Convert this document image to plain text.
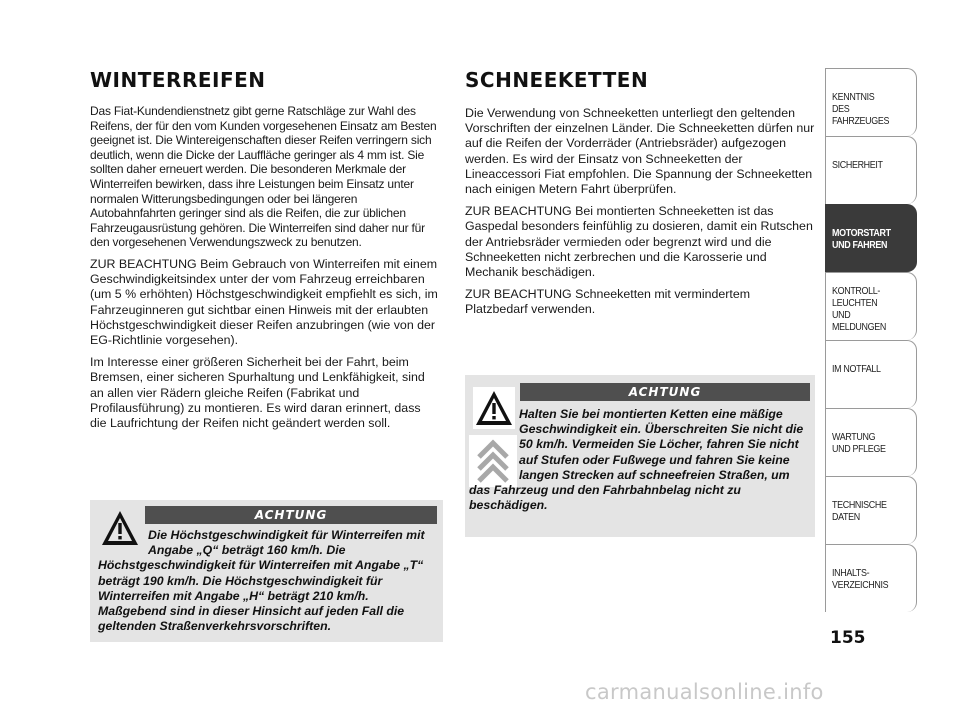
WINTERREIFEN

Das Fiat-Kundendienstnetz gibt gerne Ratschläge zur Wahl des Reifens, der für den vom Kunden vorgesehenen Einsatz am Besten geeignet ist. Die Wintereigenschaften dieser Reifen verringern sich deutlich, wenn die Dicke der Lauffläche geringer als 4 mm ist. Sie sollten daher erneuert werden. Die besonderen Merkmale der Winterreifen bewirken, dass ihre Leistungen beim Einsatz unter normalen Witterungsbedingungen oder bei längeren Autobahnfahrten geringer sind als die Reifen, die zur üblichen Fahrzeugausrüstung gehören. Die Winterreifen sind daher nur für den vorgesehenen Verwendungszweck zu benutzen.

ZUR BEACHTUNG Beim Gebrauch von Winterreifen mit einem Geschwindigkeitsindex unter der vom Fahrzeug erreichbaren (um 5 % erhöhten) Höchstgeschwindigkeit empfiehlt es sich, im Fahrzeuginneren gut sichtbar einen Hinweis mit der erlaubten Höchstgeschwindigkeit dieser Reifen anzubringen (wie von der EG-Richtlinie vorgesehen).

Im Interesse einer größeren Sicherheit bei der Fahrt, beim Bremsen, einer sicheren Spurhaltung und Lenkfähigkeit, sind an allen vier Rädern gleiche Reifen (Fabrikat und Profilausführung) zu montieren. Es wird daran erinnert, dass die Laufrichtung der Reifen nicht geändert werden soll.

ACHTUNG
Die Höchstgeschwindigkeit für Winterreifen mit Angabe „Q“ beträgt 160 km/h. Die Höchstgeschwindigkeit für Winterreifen mit Angabe „T“ beträgt 190 km/h. Die Höchstgeschwindigkeit für Winterreifen mit Angabe „H“ beträgt 210 km/h. Maßgebend sind in dieser Hinsicht auf jeden Fall die geltenden Straßenverkehrsvorschriften.
SCHNEEKETTEN

Die Verwendung von Schneeketten unterliegt den geltenden Vorschriften der einzelnen Länder. Die Schneeketten dürfen nur auf die Reifen der Vorderräder (Antriebsräder) aufgezogen werden. Es wird der Einsatz von Schneeketten der Lineaccessori Fiat empfohlen. Die Spannung der Schneeketten nach einigen Metern Fahrt überprüfen.

ZUR BEACHTUNG Bei montierten Schneeketten ist das Gaspedal besonders feinfühlig zu dosieren, damit ein Rutschen der Antriebsräder vermieden oder begrenzt wird und die Schneeketten nicht zerbrechen und die Karosserie und Mechanik beschädigen.

ZUR BEACHTUNG Schneeketten mit vermindertem Platzbedarf verwenden.

ACHTUNG
Halten Sie bei montierten Ketten eine mäßige Geschwindigkeit ein. Überschreiten Sie nicht die 50 km/h. Vermeiden Sie Löcher, fahren Sie nicht auf Stufen oder Fußwege und fahren Sie keine langen Strecken auf schneefreien Straßen, um das Fahrzeug und den Fahrbahnbelag nicht zu beschädigen.
KENNTNIS
DES FAHRZEUGES
SICHERHEIT
MOTORSTART
UND FAHREN
KONTROLL-
LEUCHTEN
UND MELDUNGEN
IM NOTFALL
WARTUNG
UND PFLEGE
TECHNISCHE
DATEN
INHALTS-
VERZEICHNIS
155
carmanualsonline.info
